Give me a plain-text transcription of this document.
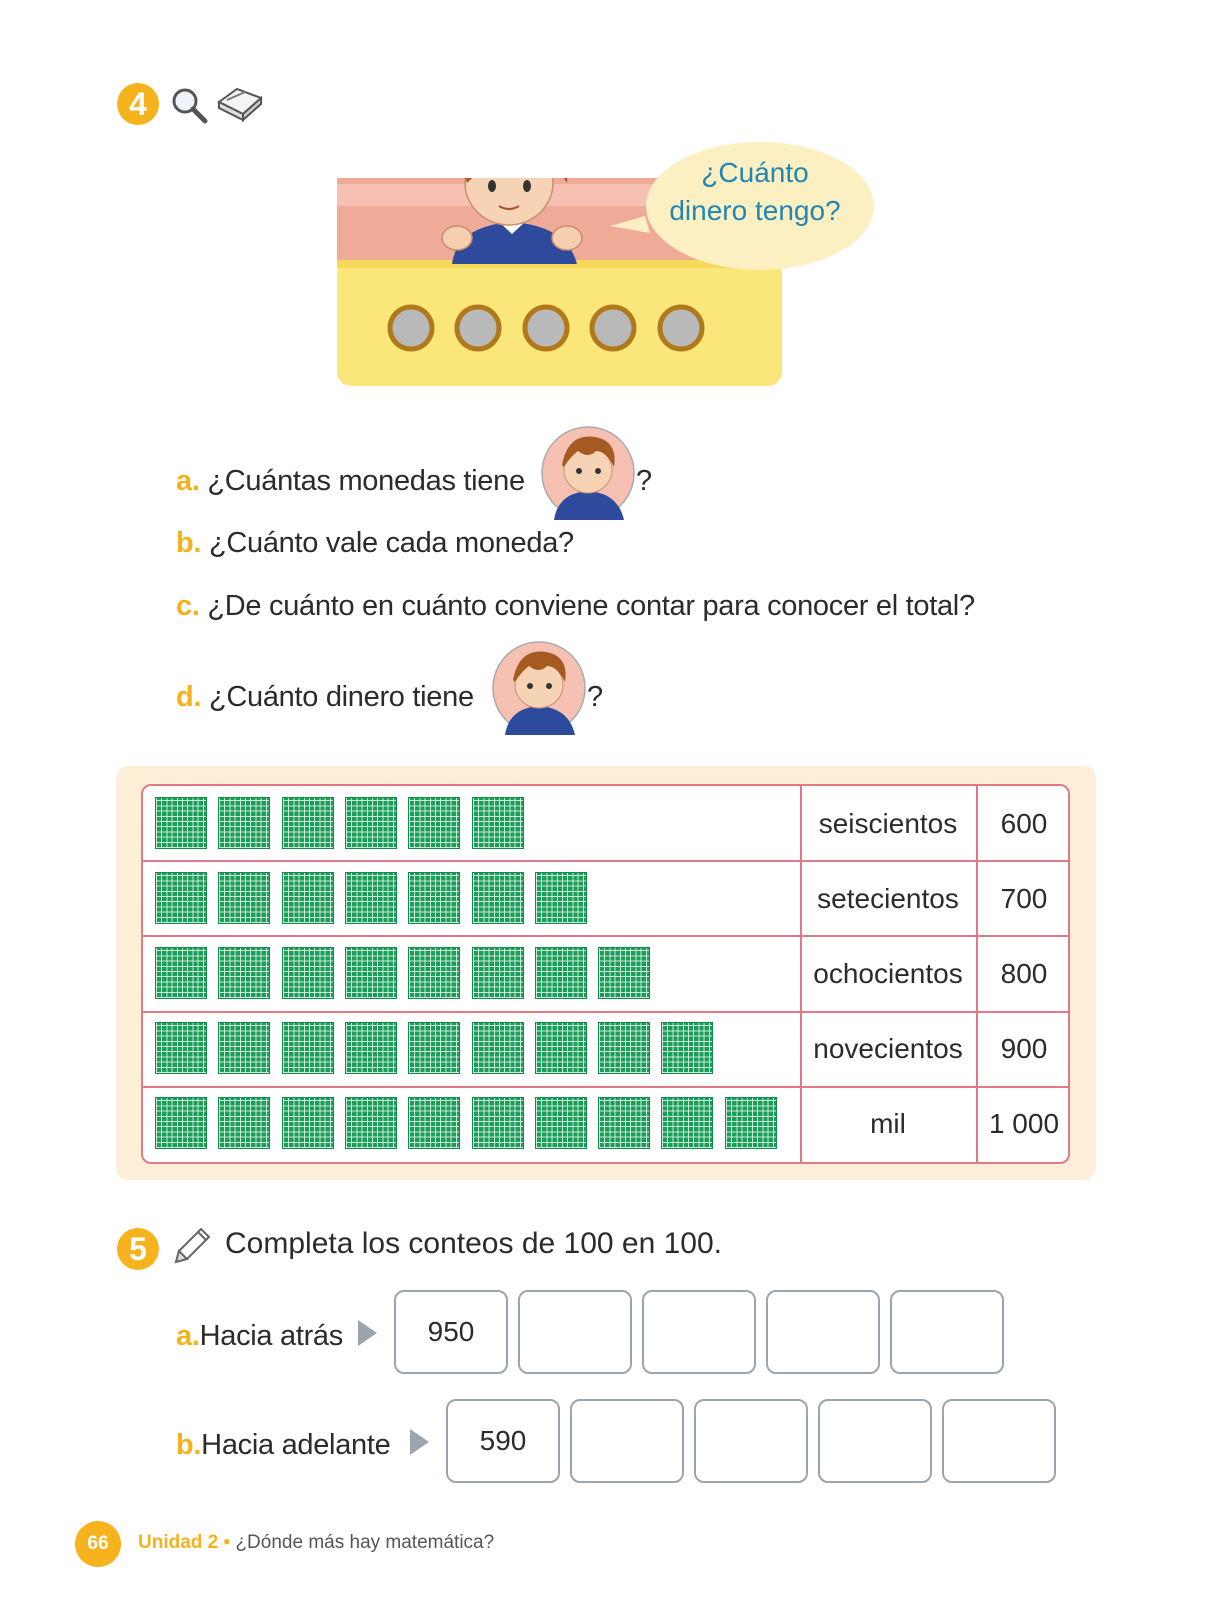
4
¿Cuánto
dinero tengo?
a. ¿Cuántas monedas tiene	?
b. ¿Cuánto vale cada moneda?
c. ¿De cuánto en cuánto conviene contar para conocer el total?
d. ¿Cuánto dinero tiene	?
seiscientos	600
setecientos	700
ochocientos	800
novecientos	900
mil	1 000
5	Completa los conteos de 100 en 100.
a.Hacia atrás	950
b.Hacia adelante	590
66	Unidad 2 • ¿Dónde más hay matemática?
